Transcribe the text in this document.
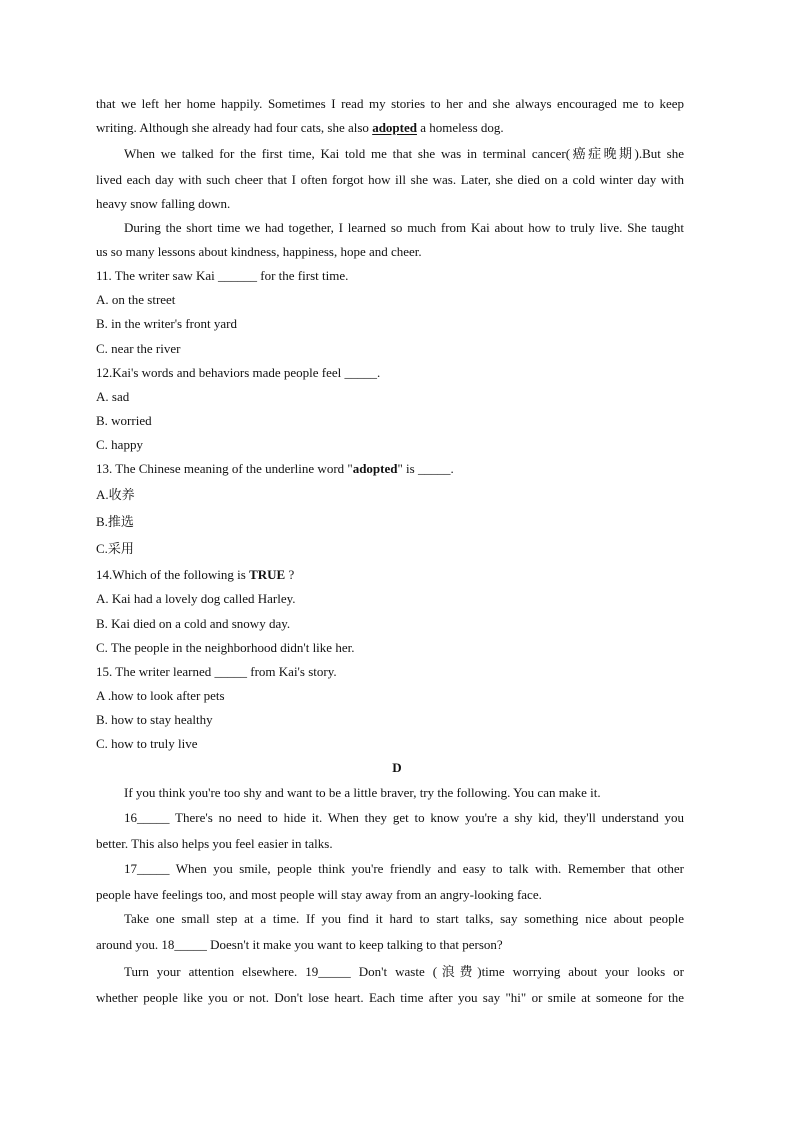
that we left her home happily. Sometimes I read my stories to her and she always encouraged me to keep
writing. Although she already had four cats, she also adopted a homeless dog.
When we talked for the first time, Kai told me that she was in terminal cancer(癌症晚期).But she
lived each day with such cheer that I often forgot how ill she was. Later, she died on a cold winter day with
heavy snow falling down.
During the short time we had together, I learned so much from Kai about how to truly live. She taught
us so many lessons about kindness, happiness, hope and cheer.
11. The writer saw Kai ______ for the first time.
A. on the street
B. in the writer's front yard
C. near the river
12.Kai's words and behaviors made people feel _____.
A. sad
B. worried
C. happy
13. The Chinese meaning of the underline word "adopted" is _____.
A.收养
B.推选
C.采用
14.Which of the following is TRUE ?
A. Kai had a lovely dog called Harley.
B. Kai died on a cold and snowy day.
C. The people in the neighborhood didn't like her.
15. The writer learned _____ from Kai's story.
A .how to look after pets
B. how to stay healthy
C. how to truly live
D
If you think you're too shy and want to be a little braver, try the following. You can make it.
16_____ There's no need to hide it. When they get to know you're a shy kid, they'll understand you
better. This also helps you feel easier in talks.
17_____ When you smile, people think you're friendly and easy to talk with. Remember that other
people have feelings too, and most people will stay away from an angry-looking face.
Take one small step at a time. If you find it hard to start talks, say something nice about people
around you. 18_____ Doesn't it make you want to keep talking to that person?
Turn your attention elsewhere. 19_____ Don't waste (浪费)time worrying about your looks or
whether people like you or not. Don't lose heart. Each time after you say "hi" or smile at someone for the
